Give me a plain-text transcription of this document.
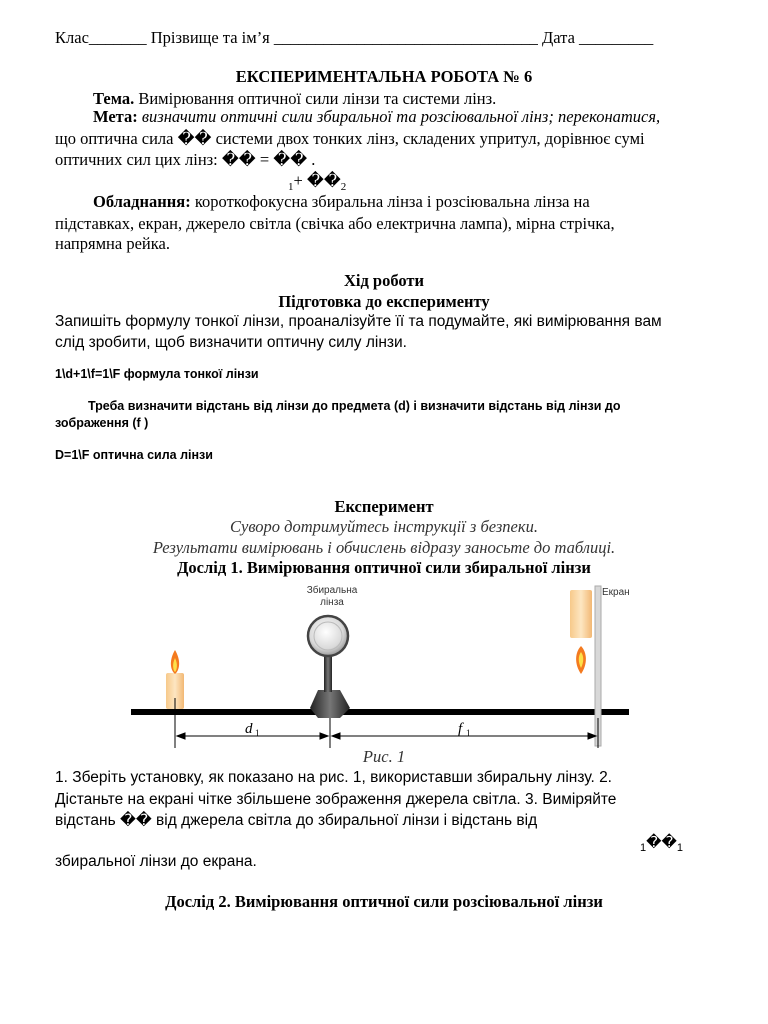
Клас_______ Прізвище та ім’я ________________________________ Дата _________
ЕКСПЕРИМЕНТАЛЬНА РОБОТА № 6
Тема. Вимірювання оптичної сили лінзи та системи лінз.
Мета: визначити оптичні сили збиральної та розсіювальної лінз; переконатися,
що оптична сила �� системи двох тонких лінз, складених упритул, дорівнює сумі
оптичних сил цих лінз: �� = �� .
$_1+ ��_2$
Обладнання: короткофокусна збиральна лінза і розсіювальна лінза на
підставках, екран, джерело світла (свічка або електрична лампа), мірна стрічка,
напрямна рейка.
Хід роботи
Підготовка до експерименту
Запишіть формулу тонкої лінзи, проаналізуйте її та подумайте, які вимірювання вам
слід зробити, щоб визначити оптичну силу лінзи.
1\d+1\f=1\F формула тонкої лінзи
Треба визначити відстань від лінзи до предмета (d) і визначити відстань від лінзи до
зображення (f )
D=1\F оптична сила лінзи
Експеримент
Суворо дотримуйтесь інструкції з безпеки.
Результати вимірювань і обчислень відразу заносьте до таблиці.
Дослід 1. Вимірювання оптичної сили збиральної лінзи
Збиральна
лінза
Екран
d 1	f 1
Рис. 1
1. Зберіть установку, як показано на рис. 1, використавши збиральну лінзу. 2.
Дістаньте на екрані чітке збільшене зображення джерела світла. 3. Виміряйте
відстань �� від джерела світла до збиральної лінзи і відстань від
$_1��_1$
збиральної лінзи до екрана.
Дослід 2. Вимірювання оптичної сили розсіювальної лінзи
